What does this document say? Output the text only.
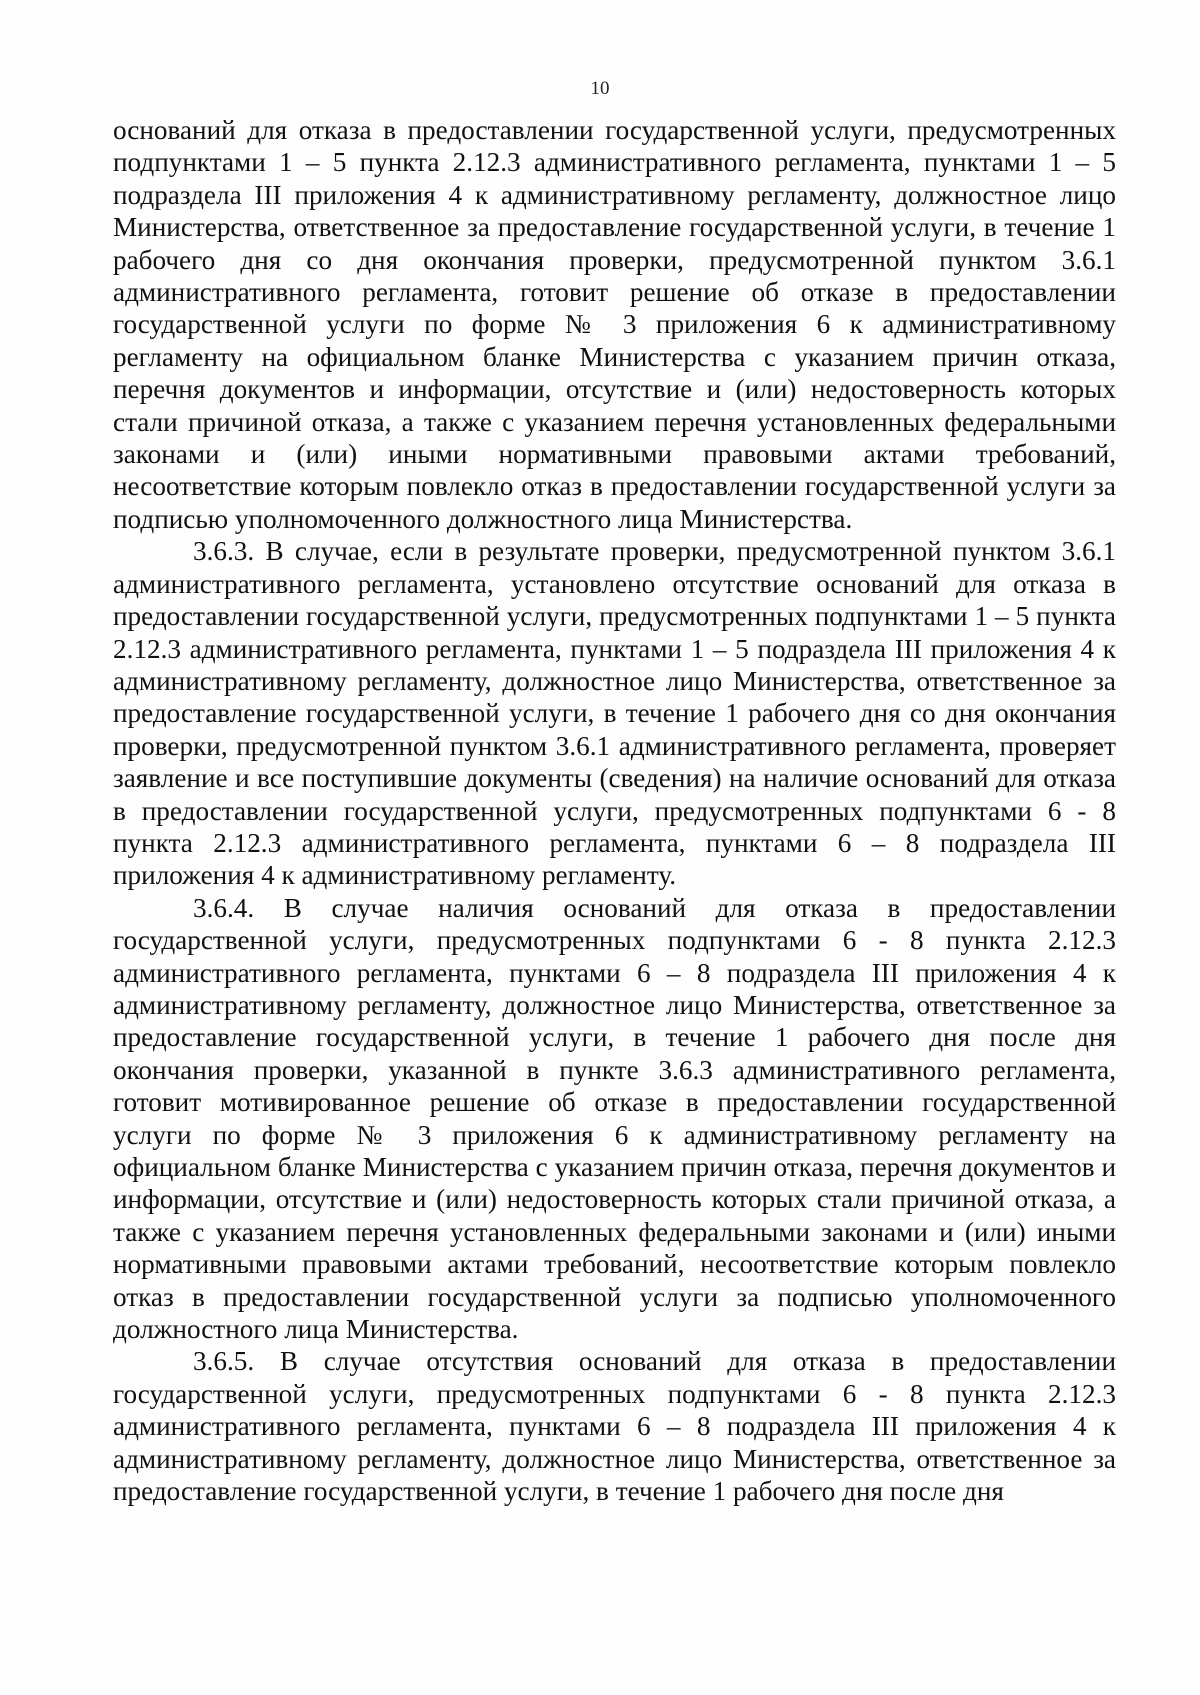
10

оснований для отказа в предоставлении государственной услуги, предусмотренных подпунктами 1 – 5 пункта 2.12.3 административного регламента, пунктами 1 – 5 подраздела III приложения 4 к административному регламенту, должностное лицо Министерства, ответственное за предоставление государственной услуги, в течение 1 рабочего дня со дня окончания проверки, предусмотренной пунктом 3.6.1 административного регламента, готовит решение об отказе в предоставлении государственной услуги по форме № 3 приложения 6 к административному регламенту на официальном бланке Министерства с указанием причин отказа, перечня документов и информации, отсутствие и (или) недостоверность которых стали причиной отказа, а также с указанием перечня установленных федеральными законами и (или) иными нормативными правовыми актами требований, несоответствие которым повлекло отказ в предоставлении государственной услуги за подписью уполномоченного должностного лица Министерства.

3.6.3. В случае, если в результате проверки, предусмотренной пунктом 3.6.1 административного регламента, установлено отсутствие оснований для отказа в предоставлении государственной услуги, предусмотренных подпунктами 1 – 5 пункта 2.12.3 административного регламента, пунктами 1 – 5 подраздела III приложения 4 к административному регламенту, должностное лицо Министерства, ответственное за предоставление государственной услуги, в течение 1 рабочего дня со дня окончания проверки, предусмотренной пунктом 3.6.1 административного регламента, проверяет заявление и все поступившие документы (сведения) на наличие оснований для отказа в предоставлении государственной услуги, предусмотренных подпунктами 6 - 8 пункта 2.12.3 административного регламента, пунктами 6 – 8 подраздела III приложения 4 к административному регламенту.

3.6.4. В случае наличия оснований для отказа в предоставлении государственной услуги, предусмотренных подпунктами 6 - 8 пункта 2.12.3 административного регламента, пунктами 6 – 8 подраздела III приложения 4 к административному регламенту, должностное лицо Министерства, ответственное за предоставление государственной услуги, в течение 1 рабочего дня после дня окончания проверки, указанной в пункте 3.6.3 административного регламента, готовит мотивированное решение об отказе в предоставлении государственной услуги по форме № 3 приложения 6 к административному регламенту на официальном бланке Министерства с указанием причин отказа, перечня документов и информации, отсутствие и (или) недостоверность которых стали причиной отказа, а также с указанием перечня установленных федеральными законами и (или) иными нормативными правовыми актами требований, несоответствие которым повлекло отказ в предоставлении государственной услуги за подписью уполномоченного должностного лица Министерства.

3.6.5. В случае отсутствия оснований для отказа в предоставлении государственной услуги, предусмотренных подпунктами 6 - 8 пункта 2.12.3 административного регламента, пунктами 6 – 8 подраздела III приложения 4 к административному регламенту, должностное лицо Министерства, ответственное за предоставление государственной услуги, в течение 1 рабочего дня после дня
